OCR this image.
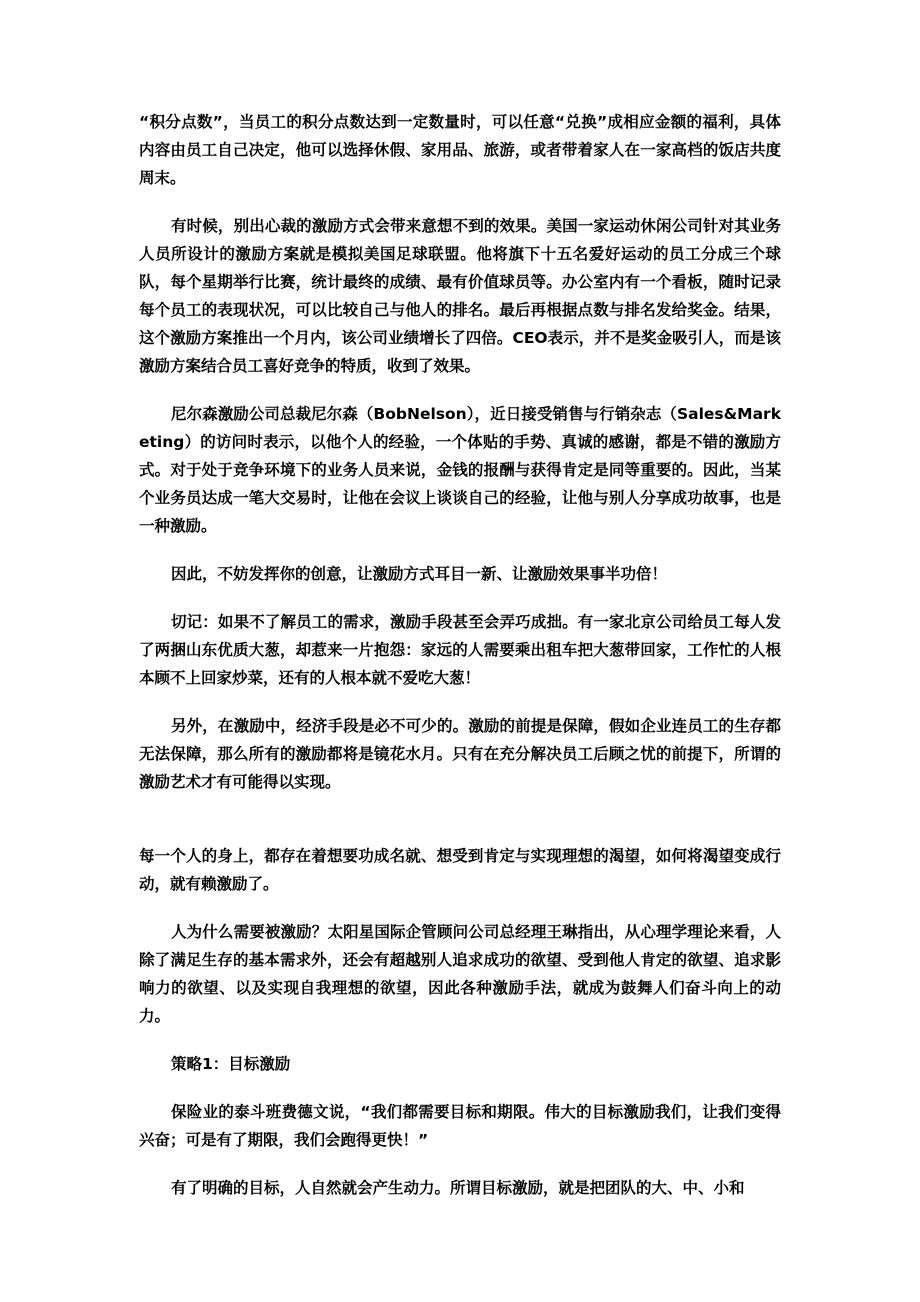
“积分点数”，当员工的积分点数达到一定数量时，可以任意“兑换”成相应金额的福利，具体内容由员工自己决定，他可以选择休假、家用品、旅游，或者带着家人在一家高档的饭店共度周末。

有时候，别出心裁的激励方式会带来意想不到的效果。美国一家运动休闲公司针对其业务人员所设计的激励方案就是模拟美国足球联盟。他将旗下十五名爱好运动的员工分成三个球队，每个星期举行比赛，统计最终的成绩、最有价值球员等。办公室内有一个看板，随时记录每个员工的表现状况，可以比较自己与他人的排名。最后再根据点数与排名发给奖金。结果，这个激励方案推出一个月内，该公司业绩增长了四倍。CEO表示，并不是奖金吸引人，而是该激励方案结合员工喜好竞争的特质，收到了效果。

尼尔森激励公司总裁尼尔森（BobNelson），近日接受销售与行销杂志（Sales&Marketing）的访问时表示，以他个人的经验，一个体贴的手势、真诚的感谢，都是不错的激励方式。对于处于竞争环境下的业务人员来说，金钱的报酬与获得肯定是同等重要的。因此，当某个业务员达成一笔大交易时，让他在会议上谈谈自己的经验，让他与别人分享成功故事，也是一种激励。

因此，不妨发挥你的创意，让激励方式耳目一新、让激励效果事半功倍！

切记：如果不了解员工的需求，激励手段甚至会弄巧成拙。有一家北京公司给员工每人发了两捆山东优质大葱，却惹来一片抱怨：家远的人需要乘出租车把大葱带回家，工作忙的人根本顾不上回家炒菜，还有的人根本就不爱吃大葱！

另外，在激励中，经济手段是必不可少的。激励的前提是保障，假如企业连员工的生存都无法保障，那么所有的激励都将是镜花水月。只有在充分解决员工后顾之忧的前提下，所谓的激励艺术才有可能得以实现。

每一个人的身上，都存在着想要功成名就、想受到肯定与实现理想的渴望，如何将渴望变成行动，就有赖激励了。

人为什么需要被激励？太阳星国际企管顾问公司总经理王琳指出，从心理学理论来看，人除了满足生存的基本需求外，还会有超越别人追求成功的欲望、受到他人肯定的欲望、追求影响力的欲望、以及实现自我理想的欲望，因此各种激励手法，就成为鼓舞人们奋斗向上的动力。

策略1：目标激励

保险业的泰斗班费德文说，“我们都需要目标和期限。伟大的目标激励我们，让我们变得兴奋；可是有了期限，我们会跑得更快！”

有了明确的目标，人自然就会产生动力。所谓目标激励，就是把团队的大、中、小和
